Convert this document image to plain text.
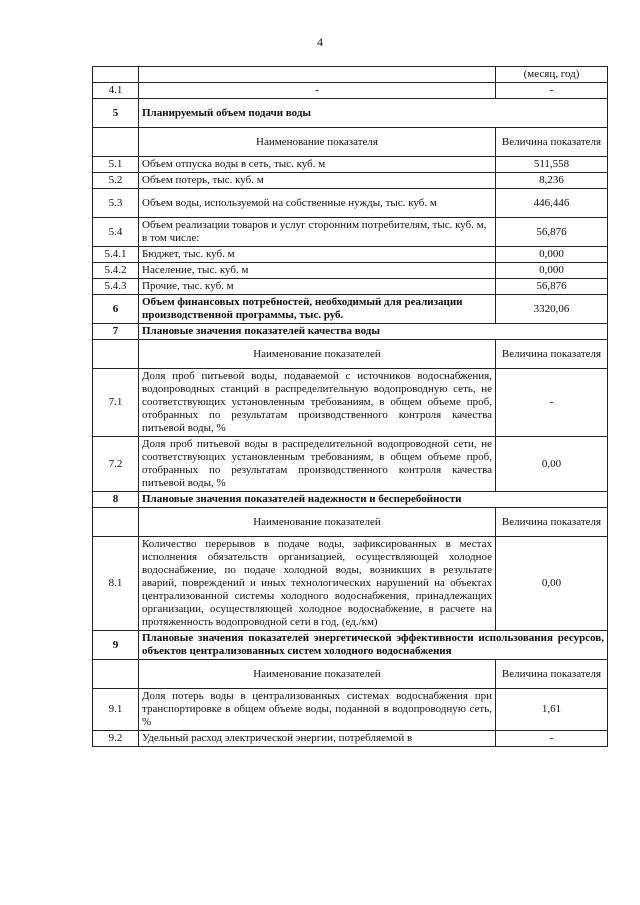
4
		(месяц, год)
4.1	-	-
5	Планируемый объем подачи воды	
	Наименование показателя	Величина показателя
5.1	Объем отпуска воды в сеть, тыс. куб. м	511,558
5.2	Объем потерь, тыс. куб. м	8,236
5.3	Объем воды, используемой на собственные нужды, тыс. куб. м	446,446
5.4	Объем реализации товаров и услуг сторонним потребителям, тыс. куб. м, в том числе:	56,876
5.4.1	Бюджет, тыс. куб. м	0,000
5.4.2	Население, тыс. куб. м	0,000
5.4.3	Прочие, тыс. куб. м	56,876
6	Объем финансовых потребностей, необходимый для реализации производственной программы, тыс. руб.	3320,06
7	Плановые значения показателей качества воды	
	Наименование показателей	Величина показателя
7.1	Доля проб питьевой воды, подаваемой с источников водоснабжения, водопроводных станций в распределительную водопроводную сеть, не соответствующих установленным требованиям, в общем объеме проб, отобранных по результатам производственного контроля качества питьевой воды, %	-
7.2	Доля проб питьевой воды в распределительной водопроводной сети, не соответствующих установленным требованиям, в общем объеме проб, отобранных по результатам производственного контроля качества питьевой воды, %	0,00
8	Плановые значения показателей надежности и бесперебойности	
	Наименование показателей	Величина показателя
8.1	Количество перерывов в подаче воды, зафиксированных в местах исполнения обязательств организацией, осуществляющей холодное водоснабжение, по подаче холодной воды, возникших в результате аварий, повреждений и иных технологических нарушений на объектах централизованной системы холодного водоснабжения, принадлежащих организации, осуществляющей холодное водоснабжение, в расчете на протяженность водопроводной сети в год, (ед./км)	0,00
9	Плановые значения показателей энергетической эффективности использования ресурсов, объектов централизованных систем холодного водоснабжения	
	Наименование показателей	Величина показателя
9.1	Доля потерь воды в централизованных системах водоснабжения при транспортировке в общем объеме воды, поданной в водопроводную сеть, %	1,61
9.2	Удельный расход электрической энергии, потребляемой в	-
